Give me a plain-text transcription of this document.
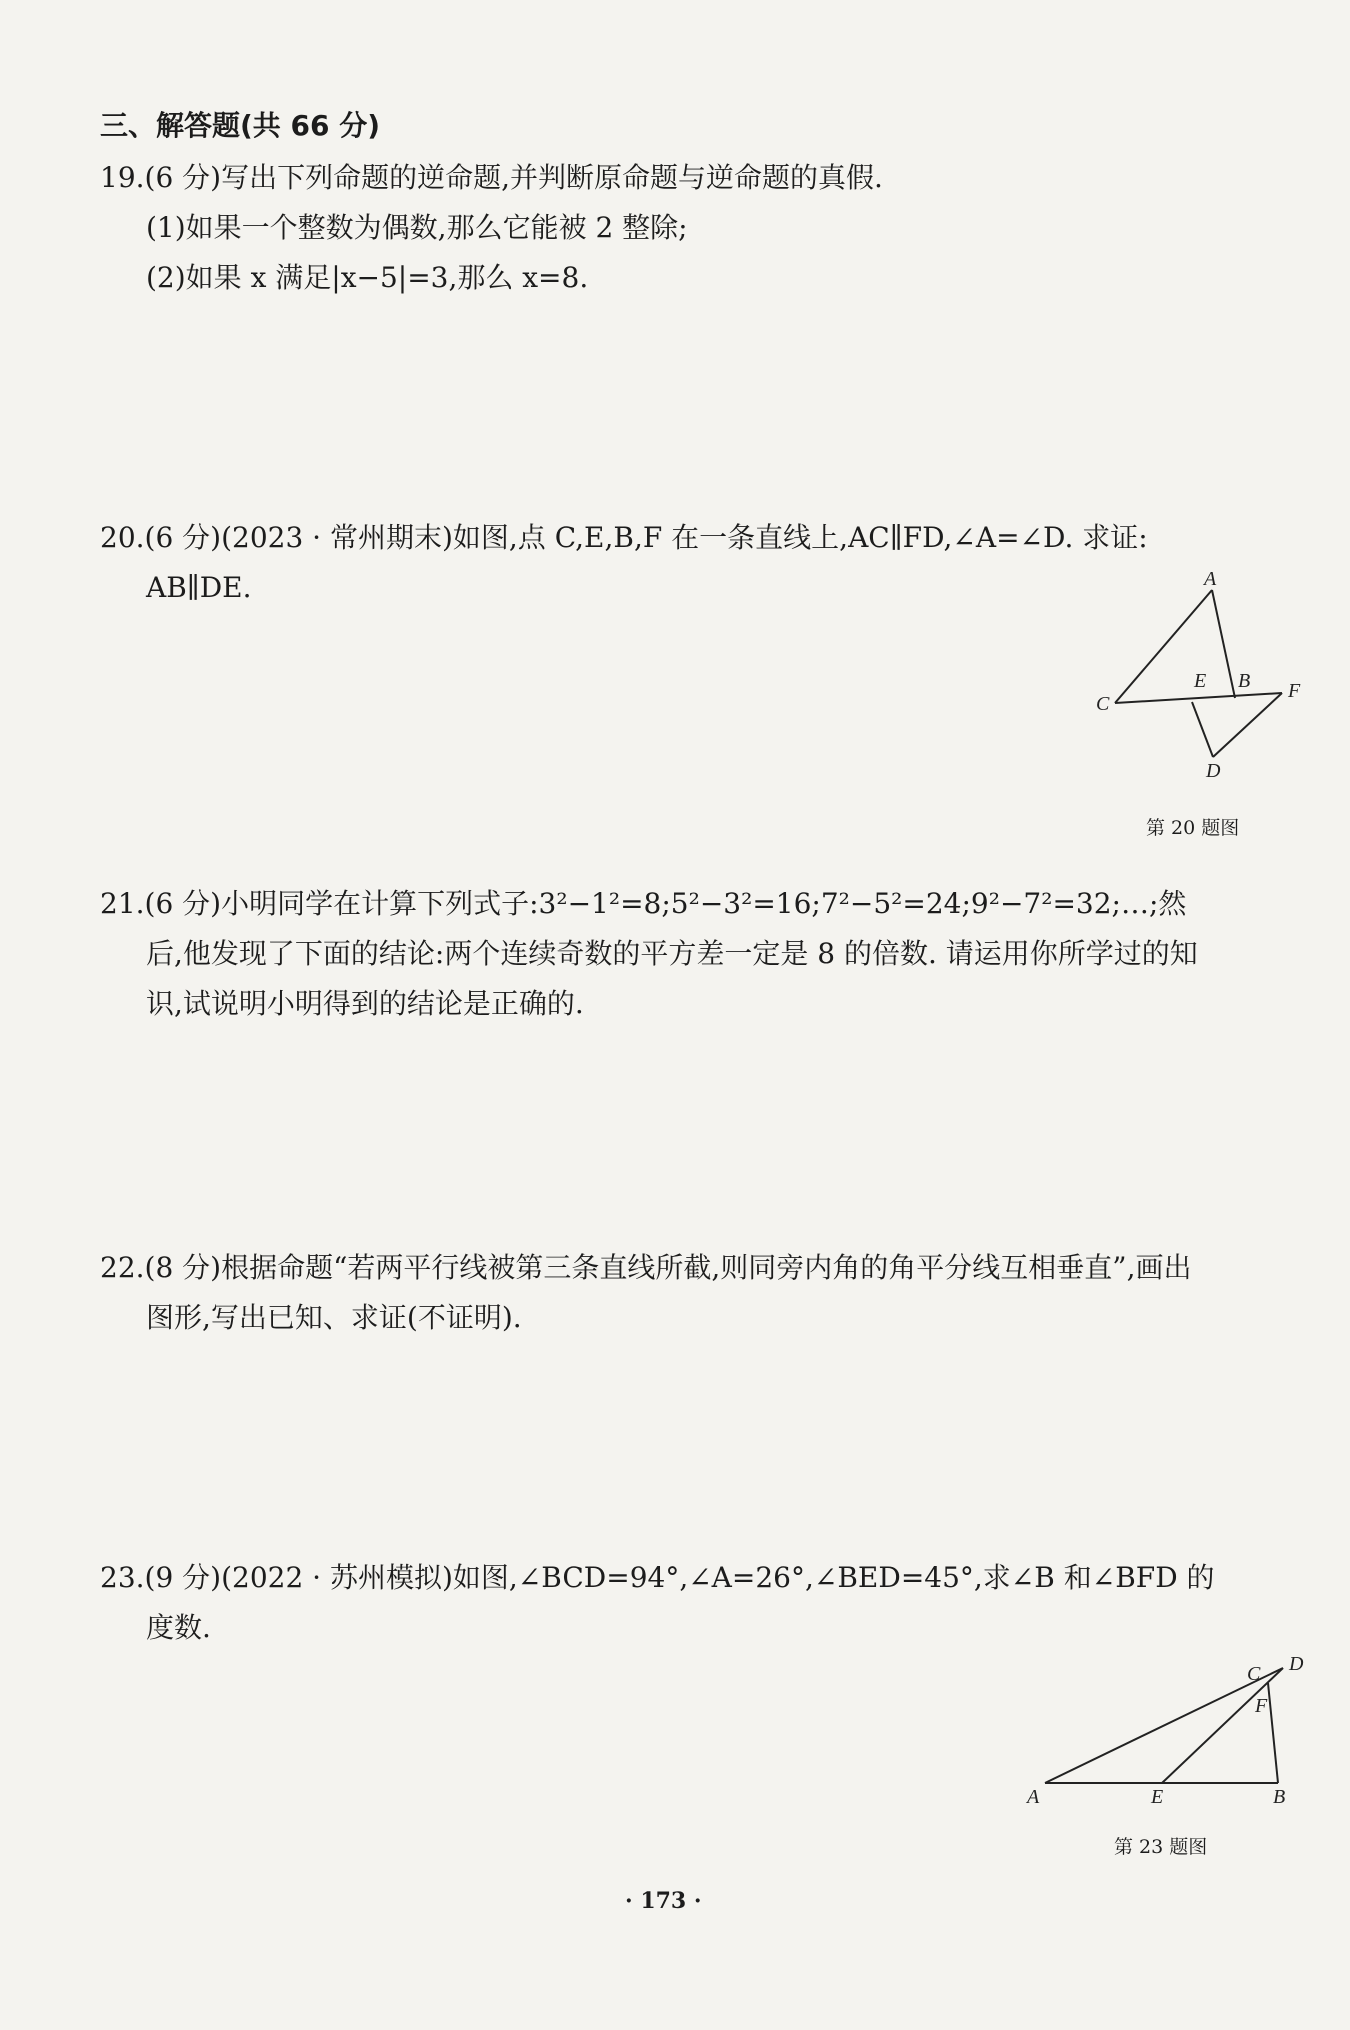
三、解答题(共 66 分)
19.(6 分)写出下列命题的逆命题,并判断原命题与逆命题的真假.
(1)如果一个整数为偶数,那么它能被 2 整除;
(2)如果 x 满足|x−5|=3,那么 x=8.
20.(6 分)(2023 · 常州期末)如图,点 C,E,B,F 在一条直线上,AC∥FD,∠A=∠D. 求证:
AB∥DE.	A
B
C
D
E	F
第 20 题图
21.(6 分)小明同学在计算下列式子:3²−1²=8;5²−3²=16;7²−5²=24;9²−7²=32;…;然
后,他发现了下面的结论:两个连续奇数的平方差一定是 8 的倍数. 请运用你所学过的知
识,试说明小明得到的结论是正确的.
22.(8 分)根据命题“若两平行线被第三条直线所截,则同旁内角的角平分线互相垂直”,画出
图形,写出已知、求证(不证明).
23.(9 分)(2022 · 苏州模拟)如图,∠BCD=94°,∠A=26°,∠BED=45°,求∠B 和∠BFD 的
度数.
A	E	B
C D
F
第 23 题图
· 173 ·
